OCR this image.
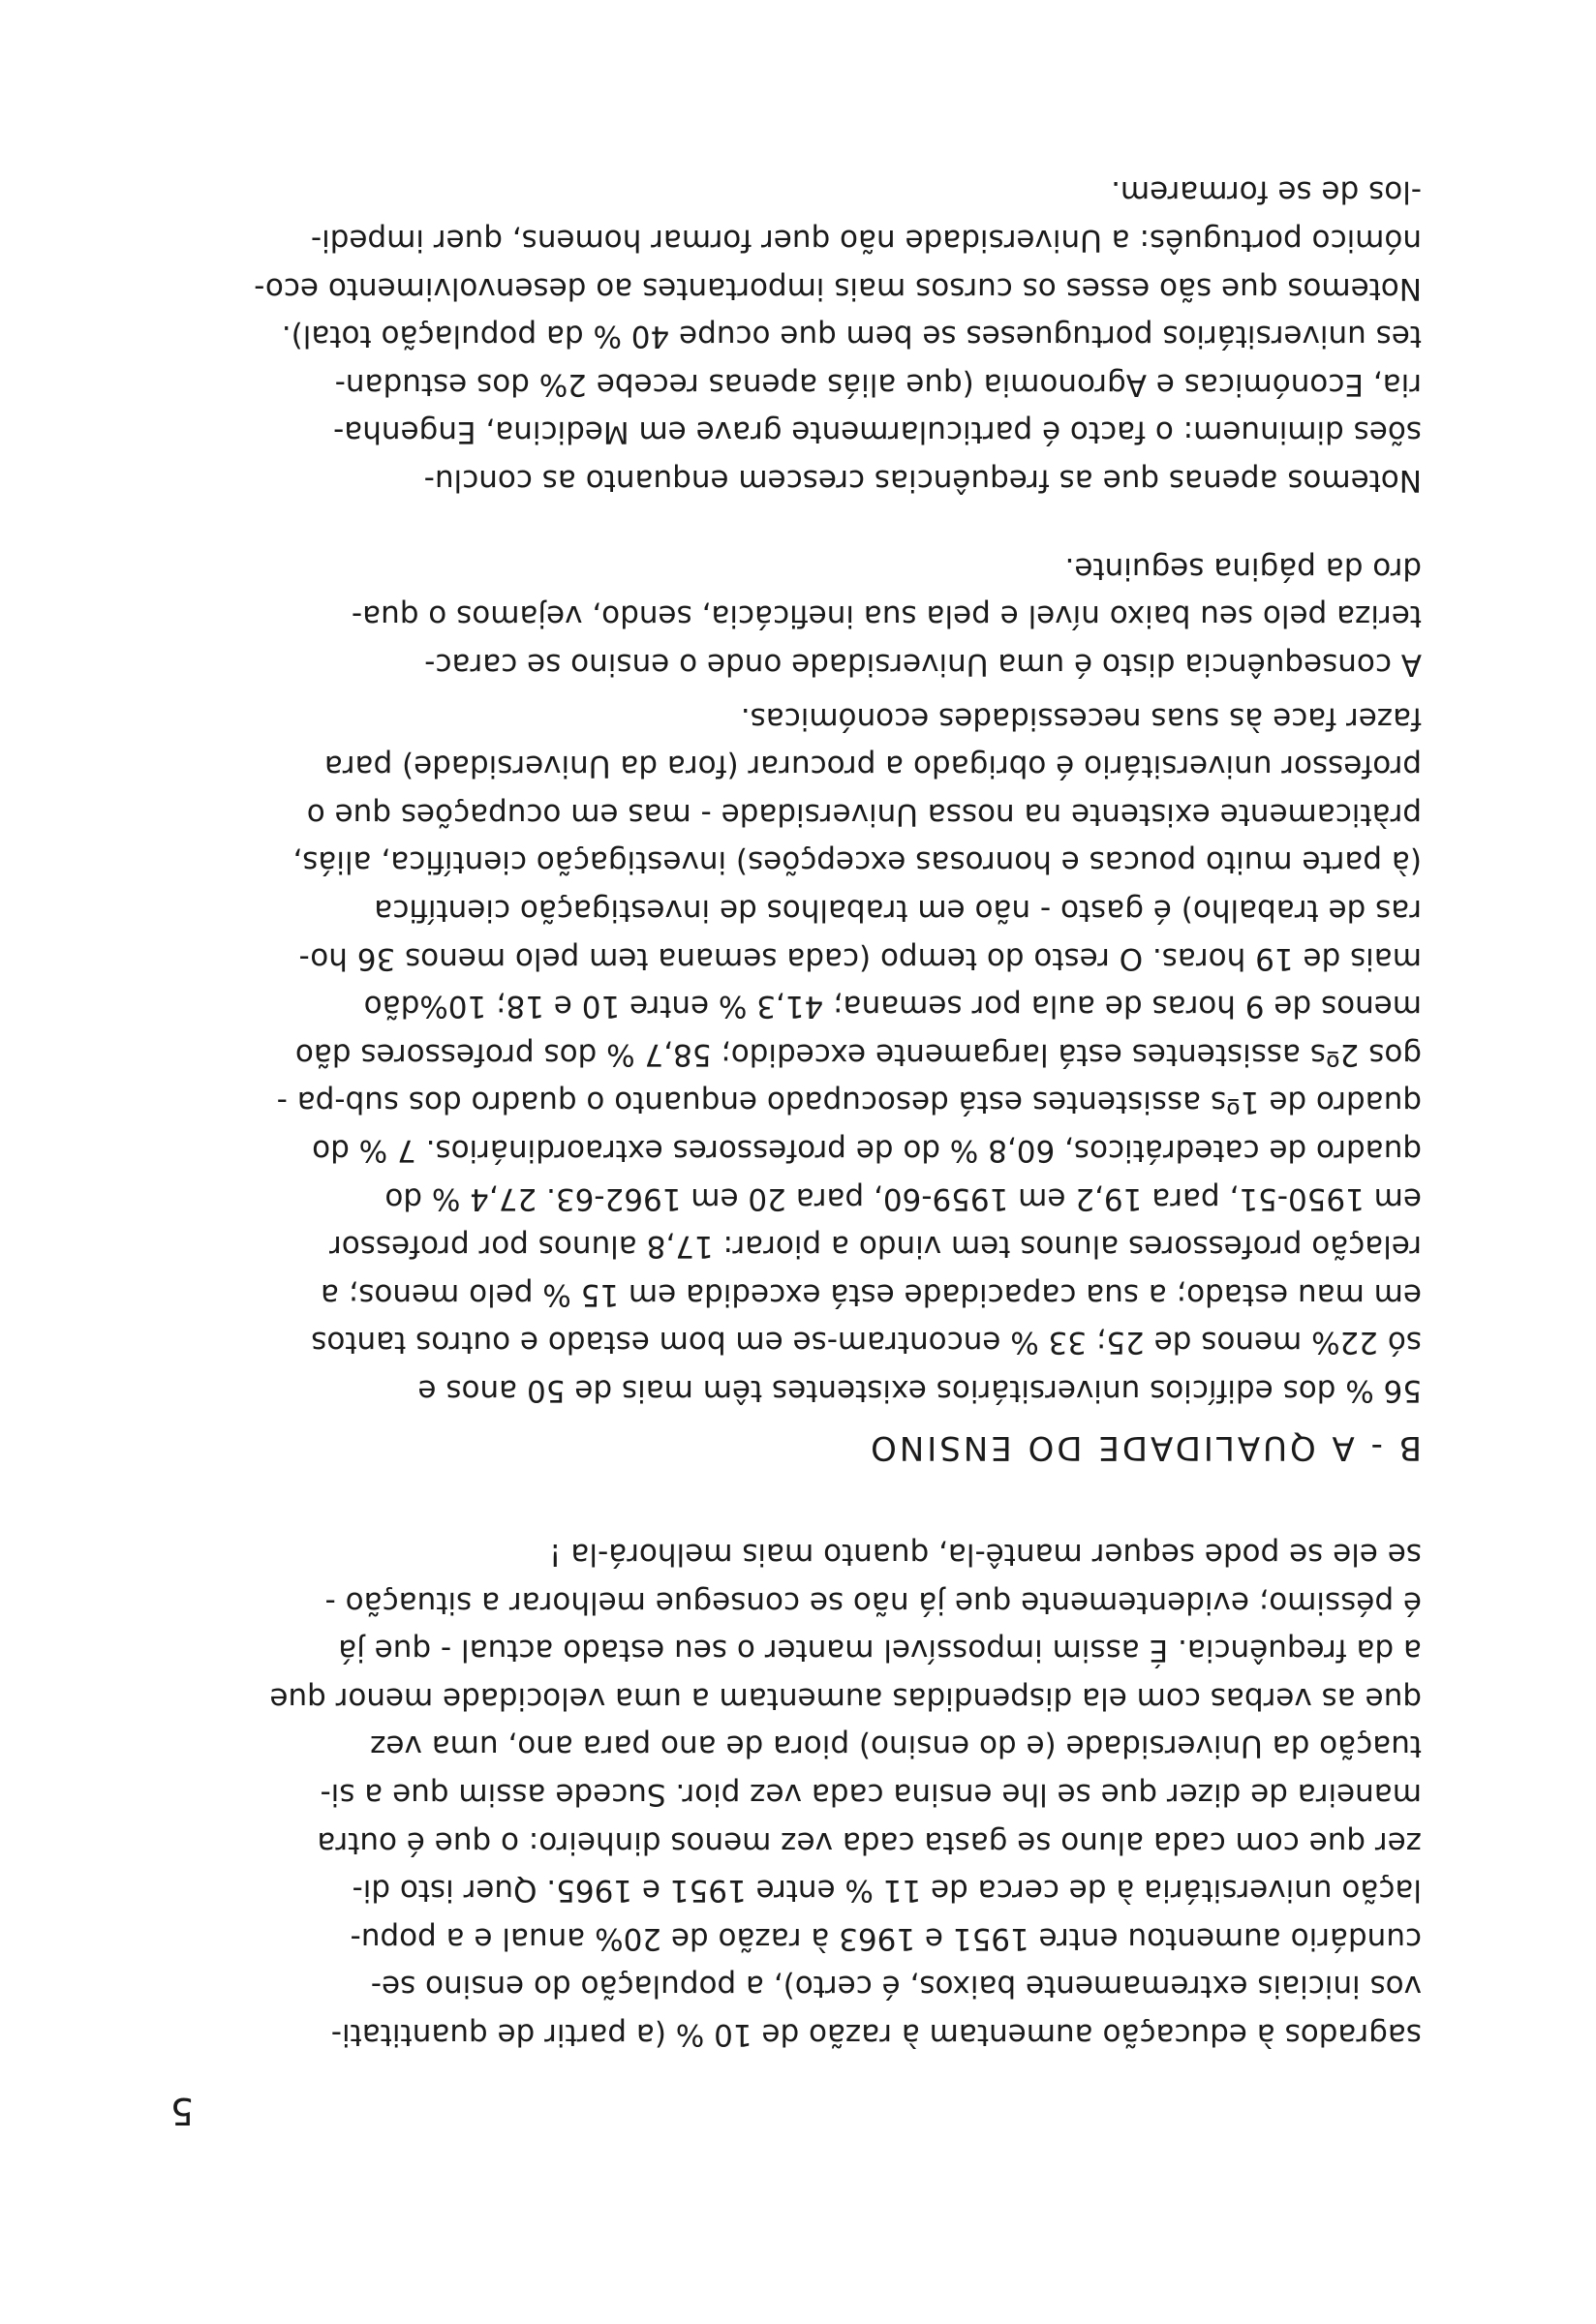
5

sagrados à educação aumentam à razão de 10 % (a partir de quantitati-
vos iniciais extremamente baixos, é certo), a população do ensino se-
cundário aumentou entre 1951 e 1963 à razão de 20% anual e a popu-
lação universitária à de cerca de 11 % entre 1951 e 1965. Quer isto di-
zer que com cada aluno se gasta cada vez menos dinheiro: o que é outra
maneira de dizer que se lhe ensina cada vez pior. Sucede assim que a si-
tuação da Universidade (e do ensino) piora de ano para ano, uma vez
que as verbas com ela dispendidas aumentam a uma velocidade menor que
a da frequência. É assim impossível manter o seu estado actual - que já
é péssimo; evidentemente que já não se consegue melhorar a situação -
se ele se pode sequer mantê-la, quanto mais melhorá-la !

B - A QUALIDADE DO ENSINO

56 % dos edifícios universitários existentes têm mais de 50 anos e
só 22% menos de 25; 33 % encontram-se em bom estado e outros tantos
em mau estado; a sua capacidade está excedida em 15 % pelo menos; a
relação professores alunos tem vindo a piorar: 17,8 alunos por professor
em 1950-51, para 19,2 em 1959-60, para 20 em 1962-63. 27,4 % do
quadro de catedráticos, 60,8 % do de professores extraordinários. 7 % do
quadro de 1ºs assistentes está desocupado enquanto o quadro dos sub-pa -
gos 2ºs assistentes está largamente excedido; 58,7 % dos professores dão
menos de 9 horas de aula por semana; 41,3 % entre 10 e 18; 10%dão
mais de 19 horas. O resto do tempo (cada semana tem pelo menos 36 ho-
ras de trabalho) é gasto - não em trabalhos de investigação científica
(à parte muito poucas e honrosas excepções) investigação científica, aliás,
pràticamente existente na nossa Universidade - mas em ocupações que o
professor universitário é obrigado a procurar (fora da Universidade) para
fazer face às suas necessidades económicas.

A consequência disto é uma Universidade onde o ensino se carac-
teriza pelo seu baixo nível e pela sua ineficácia, sendo, vejamos o qua-
dro da página seguinte.

Notemos apenas que as frequências crescem enquanto as conclu-
sões diminuem: o facto é particularmente grave em Medicina, Engenha-
ria, Económicas e Agronomia (que aliás apenas recebe 2% dos estudan-
tes universitários portugueses se bem que ocupe 40 % da população total).
Notemos que são esses os cursos mais importantes ao desenvolvimento eco-
nómico português: a Universidade não quer formar homens, quer impedi-
-los de se formarem.
